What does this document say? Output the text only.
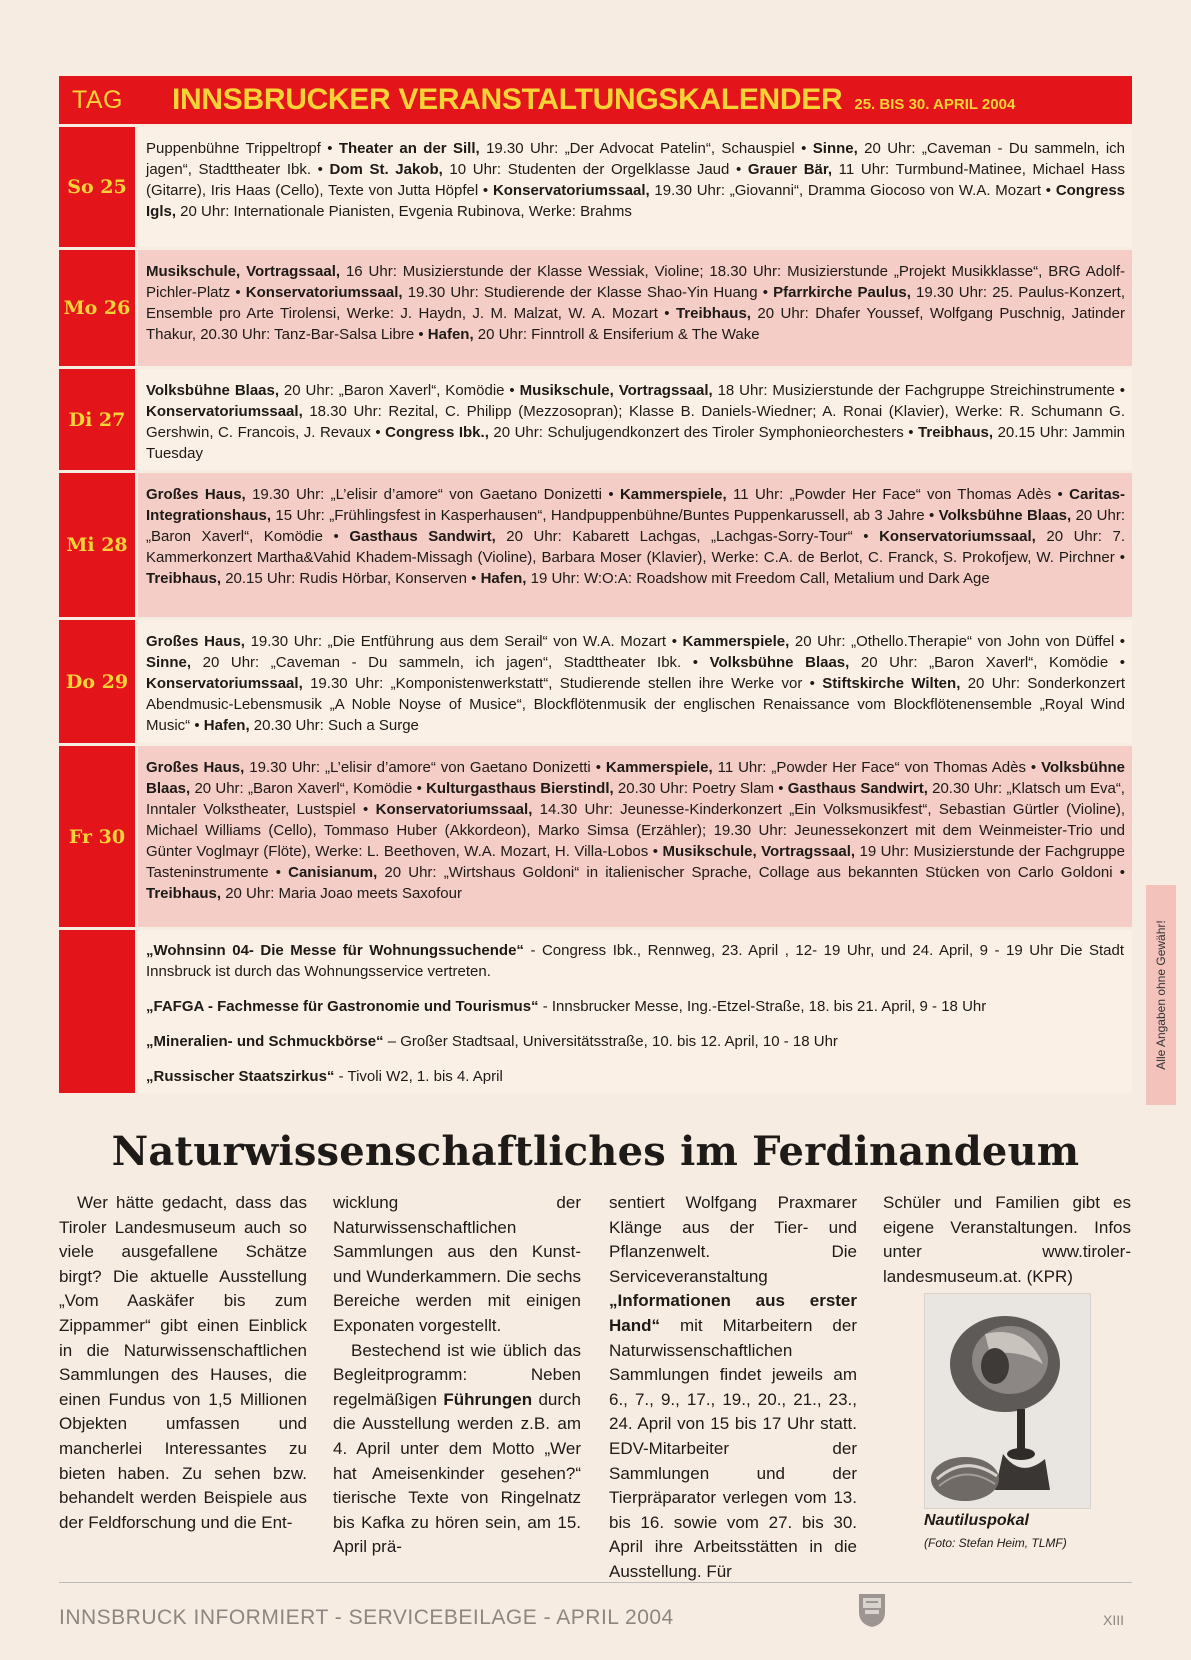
TAG	INNSBRUCKER VERANSTALTUNGSKALENDER 25. BIS 30. APRIL 2004
So 25
Puppenbühne Trippeltropf • Theater an der Sill, 19.30 Uhr: „Der Advocat Patelin“, Schauspiel • Sinne, 20 Uhr: „Caveman - Du sammeln, ich jagen“, Stadttheater Ibk. • Dom St. Jakob, 10 Uhr: Studenten der Orgelklasse Jaud • Grauer Bär, 11 Uhr: Turmbund-Matinee, Michael Hass (Gitarre), Iris Haas (Cello), Texte von Jutta Höpfel • Konservatoriumssaal, 19.30 Uhr: „Giovanni“, Dramma Giocoso von W.A. Mozart • Congress Igls, 20 Uhr: Internationale Pianisten, Evgenia Rubinova, Werke: Brahms
Mo 26
Musikschule, Vortragssaal, 16 Uhr: Musizierstunde der Klasse Wessiak, Violine; 18.30 Uhr: Musizierstunde „Projekt Musikklasse“, BRG Adolf-Pichler-Platz • Konservatoriumssaal, 19.30 Uhr: Studierende der Klasse Shao-Yin Huang • Pfarrkirche Paulus, 19.30 Uhr: 25. Paulus-Konzert, Ensemble pro Arte Tirolensi, Werke: J. Haydn, J. M. Malzat, W. A. Mozart • Treibhaus, 20 Uhr: Dhafer Youssef, Wolfgang Puschnig, Jatinder Thakur, 20.30 Uhr: Tanz-Bar-Salsa Libre • Hafen, 20 Uhr: Finntroll & Ensiferium & The Wake
Di 27
Volksbühne Blaas, 20 Uhr: „Baron Xaverl“, Komödie • Musikschule, Vortragssaal, 18 Uhr: Musizierstunde der Fachgruppe Streichinstrumente • Konservatoriumssaal, 18.30 Uhr: Rezital, C. Philipp (Mezzosopran); Klasse B. Daniels-Wiedner; A. Ronai (Klavier), Werke: R. Schumann G. Gershwin, C. Francois, J. Revaux • Congress Ibk., 20 Uhr: Schuljugendkonzert des Tiroler Symphonieorchesters • Treibhaus, 20.15 Uhr: Jammin Tuesday
Mi 28
Großes Haus, 19.30 Uhr: „L’elisir d’amore“ von Gaetano Donizetti • Kammerspiele, 11 Uhr: „Powder Her Face“ von Thomas Adès • Caritas-Integrationshaus, 15 Uhr: „Frühlingsfest in Kasperhausen“, Handpuppenbühne/Buntes Puppenkarussell, ab 3 Jahre • Volksbühne Blaas, 20 Uhr: „Baron Xaverl“, Komödie • Gasthaus Sandwirt, 20 Uhr: Kabarett Lachgas, „Lachgas-Sorry-Tour“ • Konservatoriumssaal, 20 Uhr: 7. Kammerkonzert Martha&Vahid Khadem-Missagh (Violine), Barbara Moser (Klavier), Werke: C.A. de Berlot, C. Franck, S. Prokofjew, W. Pirchner • Treibhaus, 20.15 Uhr: Rudis Hörbar, Konserven • Hafen, 19 Uhr: W:O:A: Roadshow mit Freedom Call, Metalium und Dark Age
Do 29
Großes Haus, 19.30 Uhr: „Die Entführung aus dem Serail“ von W.A. Mozart • Kammerspiele, 20 Uhr: „Othello.Therapie“ von John von Düffel • Sinne, 20 Uhr: „Caveman - Du sammeln, ich jagen“, Stadttheater Ibk. • Volksbühne Blaas, 20 Uhr: „Baron Xaverl“, Komödie • Konservatoriumssaal, 19.30 Uhr: „Komponistenwerkstatt“, Studierende stellen ihre Werke vor • Stiftskirche Wilten, 20 Uhr: Sonderkonzert Abendmusic-Lebensmusik „A Noble Noyse of Musice“, Blockflötenmusik der englischen Renaissance vom Blockflötenensemble „Royal Wind Music“ • Hafen, 20.30 Uhr: Such a Surge
Fr 30
Großes Haus, 19.30 Uhr: „L’elisir d’amore“ von Gaetano Donizetti • Kammerspiele, 11 Uhr: „Powder Her Face“ von Thomas Adès • Volksbühne Blaas, 20 Uhr: „Baron Xaverl“, Komödie • Kulturgasthaus Bierstindl, 20.30 Uhr: Poetry Slam • Gasthaus Sandwirt, 20.30 Uhr: „Klatsch um Eva“, Inntaler Volkstheater, Lustspiel • Konservatoriumssaal, 14.30 Uhr: Jeunesse-Kinderkonzert „Ein Volksmusikfest“, Sebastian Gürtler (Violine), Michael Williams (Cello), Tommaso Huber (Akkordeon), Marko Simsa (Erzähler); 19.30 Uhr: Jeunessekonzert mit dem Weinmeister-Trio und Günter Voglmayr (Flöte), Werke: L. Beethoven, W.A. Mozart, H. Villa-Lobos • Musikschule, Vortragssaal, 19 Uhr: Musizierstunde der Fachgruppe Tasteninstrumente • Canisianum, 20 Uhr: „Wirtshaus Goldoni“ in italienischer Sprache, Collage aus bekannten Stücken von Carlo Goldoni • Treibhaus, 20 Uhr: Maria Joao meets Saxofour

„Wohnsinn 04- Die Messe für Wohnungssuchende“ - Congress Ibk., Rennweg, 23. April , 12- 19 Uhr, und 24. April, 9 - 19 Uhr Die Stadt Innsbruck ist durch das Wohnungsservice vertreten.

„FAFGA - Fachmesse für Gastronomie und Tourismus“ - Innsbrucker Messe, Ing.-Etzel-Straße, 18. bis 21. April, 9 - 18 Uhr

„Mineralien- und Schmuckbörse“ – Großer Stadtsaal, Universitätsstraße, 10. bis 12. April, 10 - 18 Uhr

„Russischer Staatszirkus“ - Tivoli W2, 1. bis 4. April

Alle Angaben ohne Gewähr!
Naturwissenschaftliches im Ferdinandeum

Wer hätte gedacht, dass das Tiroler Landesmuseum auch so viele ausgefallene Schätze birgt? Die aktuelle Ausstellung „Vom Aaskäfer bis zum Zippammer“ gibt einen Einblick in die Naturwissenschaftlichen Sammlungen des Hauses, die einen Fundus von 1,5 Millionen Objekten umfassen und mancherlei Interessantes zu bieten haben. Zu sehen bzw. behandelt werden Beispiele aus der Feldforschung und die Ent-

wicklung der Naturwissenschaftlichen Sammlungen aus den Kunst- und Wunderkammern. Die sechs Bereiche werden mit einigen Exponaten vorgestellt.

Bestechend ist wie üblich das Begleitprogramm: Neben regelmäßigen Führungen durch die Ausstellung werden z.B. am 4. April unter dem Motto „Wer hat Ameisenkinder gesehen?“ tierische Texte von Ringelnatz bis Kafka zu hören sein, am 15. April prä-

sentiert Wolfgang Praxmarer Klänge aus der Tier- und Pflanzenwelt. Die Serviceveranstaltung „Informationen aus erster Hand“ mit Mitarbeitern der Naturwissenschaftlichen Sammlungen findet jeweils am 6., 7., 9., 17., 19., 20., 21., 23., 24. April von 15 bis 17 Uhr statt. EDV-Mitarbeiter der Sammlungen und der Tierpräparator verlegen vom 13. bis 16. sowie vom 27. bis 30. April ihre Arbeitsstätten in die Ausstellung. Für

Schüler und Familien gibt es eigene Veranstaltungen. Infos unter www.tiroler-landesmuseum.at. (KPR)

Nautiluspokal
(Foto: Stefan Heim, TLMF)
INNSBRUCK INFORMIERT - SERVICEBEILAGE - APRIL 2004	XIII
